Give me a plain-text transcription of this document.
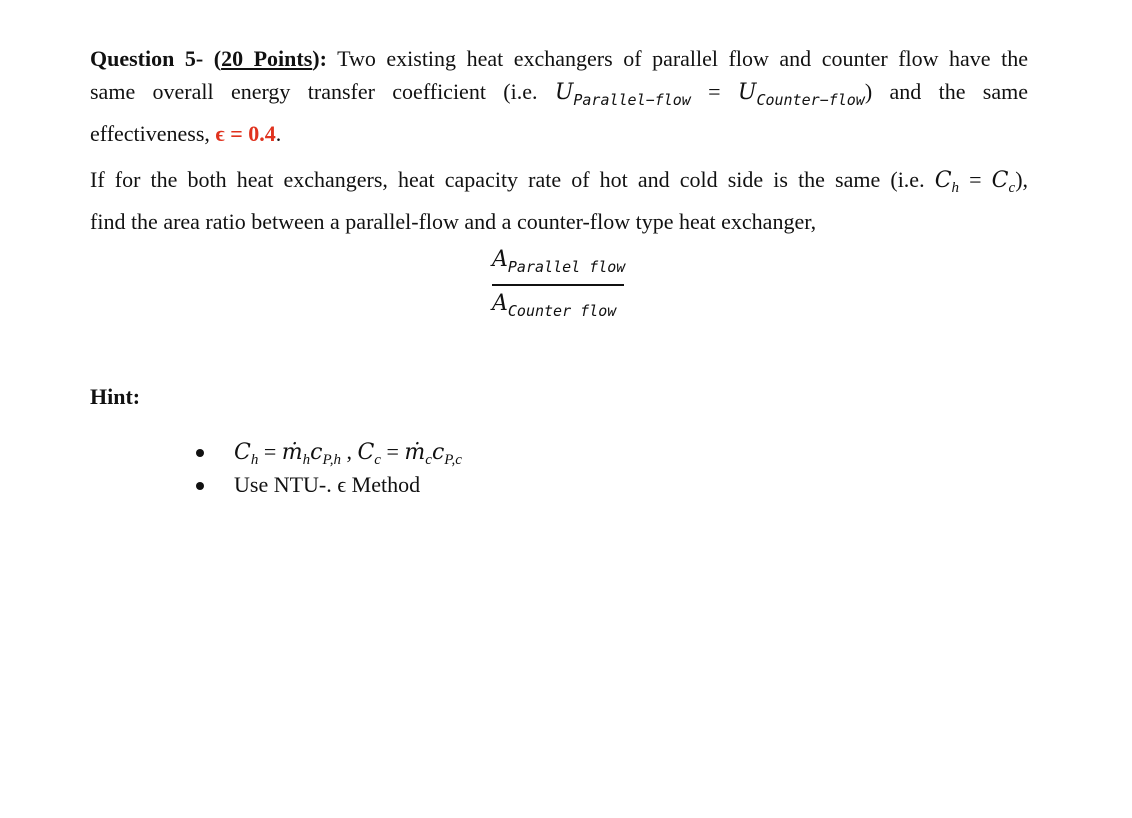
Question 5- (20 Points): Two existing heat exchangers of parallel flow and counter flow have the
same overall energy transfer coefficient (i.e. $U_{Parallel-flow} = U_{Counter-flow}$) and the same
effectiveness, ϵ = 0.4.
If for the both heat exchangers, heat capacity rate of hot and cold side is the same (i.e. $C_h = C_c$),
find the area ratio between a parallel-flow and a counter-flow type heat exchanger,
$A_{Parallel flow}$
$A_{Counter flow}$
Hint:
$C_h$ = $ṁ_hc_{P,h}$ , $C_c$ = $ṁ_cc_{P,c}$
Use NTU-. ϵ Method
